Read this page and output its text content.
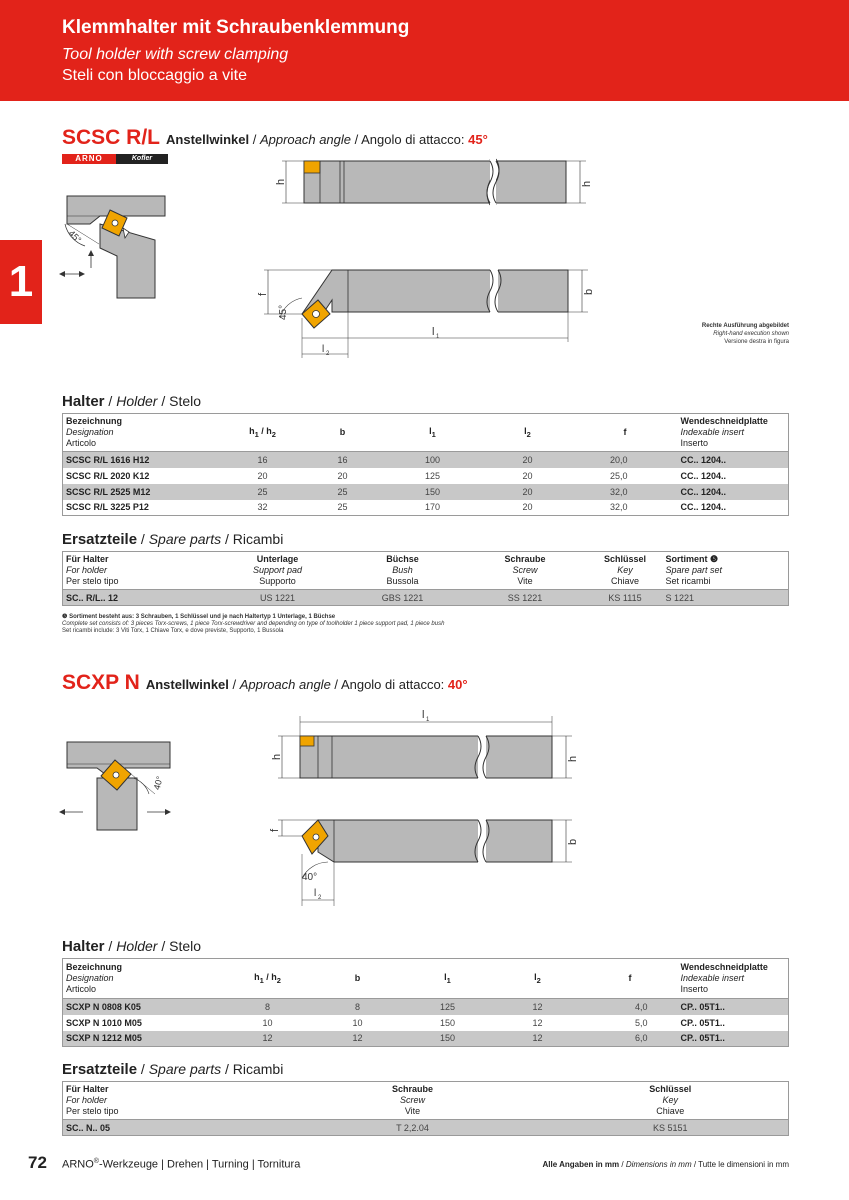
Klemmhalter mit Schraubenklemmung
Tool holder with screw clamping
Steli con bloccaggio a vite
1
SCSC R/L Anstellwinkel / Approach angle / Angolo di attacco: 45°
ARNO	Kofler
45°
h	h
f
45°
b
l 1
l 2
Rechte Ausführung abgebildet
Right-hand execution shown
Versione destra in figura
Halter / Holder / Stelo
Bezeichnung
Designation
Articolo	$h_1 / h_2$	b	$l_1$	$l_2$	f	Wendeschneidplatte
Indexable insert
Inserto

SCSC R/L 1616 H12	16	16	100	20	20,0	CC.. 1204..
SCSC R/L 2020 K12	20	20	125	20	25,0	CC.. 1204..
SCSC R/L 2525 M12	25	25	150	20	32,0	CC.. 1204..
SCSC R/L 3225 P12	32	25	170	20	32,0	CC.. 1204..
Ersatzteile / Spare parts / Ricambi
Für Halter
For holder
Per stelo tipo	Unterlage
Support pad
Supporto	Büchse
Bush
Bussola	Schraube
Screw
Vite	Schlüssel
Key
Chiave	Sortiment ❺
Spare part set
Set ricambi

SC.. R/L.. 12	US 1221	GBS 1221	SS 1221	KS 1115	S 1221
❺ Sortiment besteht aus: 3 Schrauben, 1 Schlüssel und je nach Haltertyp 1 Unterlage, 1 Büchse
Complete set consists of: 3 pieces Torx-screws, 1 piece Torx-screwdriver and depending on type of toolholder 1 piece support pad, 1 piece bush
Set ricambi include: 3 Viti Torx, 1 Chiave Torx, e dove previste, Supporto, 1 Bussola
SCXP N Anstellwinkel / Approach angle / Angolo di attacco: 40°
40°
l 1
h	h
f
40°
b
l 2
Halter / Holder / Stelo
Bezeichnung
Designation
Articolo	$h_1 / h_2$	b	$l_1$	$l_2$	f	Wendeschneidplatte
Indexable insert
Inserto

SCXP N 0808 K05	8	8	125	12	4,0	CP.. 05T1..
SCXP N 1010 M05	10	10	150	12	5,0	CP.. 05T1..
SCXP N 1212 M05	12	12	150	12	6,0	CP.. 05T1..
Ersatzteile / Spare parts / Ricambi
Für Halter
For holder
Per stelo tipo	Schraube
Screw
Vite	Schlüssel
Key
Chiave

SC.. N.. 05	T 2,2.04	KS 5151
72 ARNO®-Werkzeuge | Drehen | Turning | Tornitura	Alle Angaben in mm / Dimensions in mm / Tutte le dimensioni in mm
